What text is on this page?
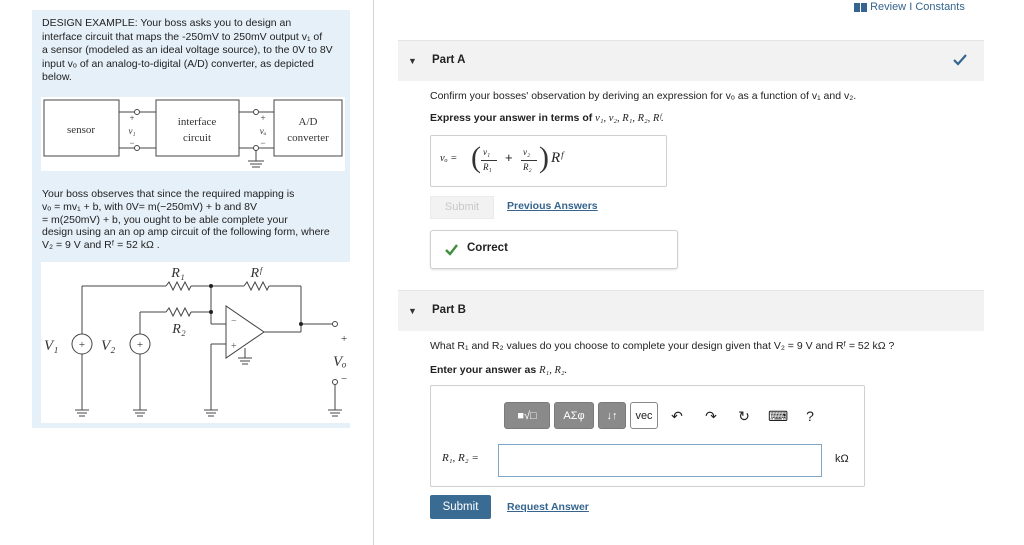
DESIGN EXAMPLE: Your boss asks you to design an
interface circuit that maps the -250mV to 250mV output v₁ of
a sensor (modeled as an ideal voltage source), to the 0V to 8V
input vₒ of an analog-to-digital (A/D) converter, as depicted
below.
sensor
interface
circuit
A/D
converter
+
v₁
−
+
vₒ
−
Your boss observes that since the required mapping is
vₒ = mv₁ + b, with 0V= m(−250mV) + b and 8V
= m(250mV) + b, you ought to be able complete your
design using an an op amp circuit of the following form, where
V₂ = 9 V and Rᶠ = 52 kΩ .
+	+
−
+
R₁
R₂
Rᶠ
V₁	V₂
Vₒ
+
−
Review I Constants
▼ Part A
Confirm your bosses' observation by deriving an expression for vₒ as a function of v₁ and v₂.
Express your answer in terms of v₁, v₂, R₁, R₂, Rᶠ.
vₒ = ( v₁
R₁
+ v₂
R₂ ) Rᶠ
Submit	Previous Answers
Correct
▼ Part B
What R₁ and R₂ values do you choose to complete your design given that V₂ = 9 V and Rᶠ = 52 kΩ ?
Enter your answer as R₁, R₂.
■√□	AΣφ	↓↑	vec	↶ ↷ ↻ ⌨	?
R₁, R₂ =	kΩ
Submit	Request Answer
